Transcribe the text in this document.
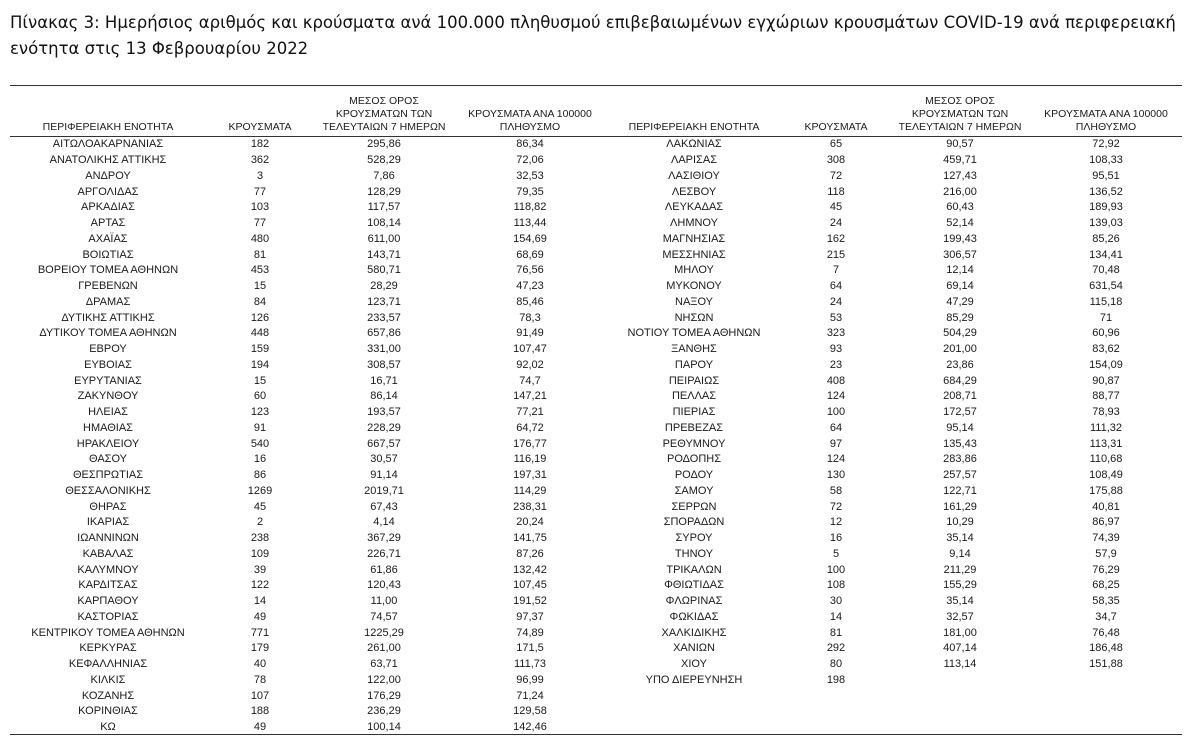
Πίνακας 3: Ημερήσιος αριθμός και κρούσματα ανά 100.000 πληθυσμού επιβεβαιωμένων εγχώριων κρουσμάτων COVID-19 ανά περιφερειακή ενότητα στις 13 Φεβρουαρίου 2022
ΠΕΡΙΦΕΡΕΙΑΚΗ ΕΝΟΤΗΤΑ	ΚΡΟΥΣΜΑΤΑ	ΜΕΣΟΣ ΟΡΟΣ ΚΡΟΥΣΜΑΤΩΝ ΤΩΝ ΤΕΛΕΥΤΑΙΩΝ 7 ΗΜΕΡΩΝ	ΚΡΟΥΣΜΑΤΑ ΑΝΑ 100000 ΠΛΗΘΥΣΜΟ
ΑΙΤΩΛΟΑΚΑΡΝΑΝΙΑΣ	182	295,86	86,34
ΑΝΑΤΟΛΙΚΗΣ ΑΤΤΙΚΗΣ	362	528,29	72,06
ΑΝΔΡΟΥ	3	7,86	32,53
ΑΡΓΟΛΙΔΑΣ	77	128,29	79,35
ΑΡΚΑΔΙΑΣ	103	117,57	118,82
ΑΡΤΑΣ	77	108,14	113,44
ΑΧΑΪΑΣ	480	611,00	154,69
ΒΟΙΩΤΙΑΣ	81	143,71	68,69
ΒΟΡΕΙΟΥ ΤΟΜΕΑ ΑΘΗΝΩΝ	453	580,71	76,56
ΓΡΕΒΕΝΩΝ	15	28,29	47,23
ΔΡΑΜΑΣ	84	123,71	85,46
ΔΥΤΙΚΗΣ ΑΤΤΙΚΗΣ	126	233,57	78,3
ΔΥΤΙΚΟΥ ΤΟΜΕΑ ΑΘΗΝΩΝ	448	657,86	91,49
ΕΒΡΟΥ	159	331,00	107,47
ΕΥΒΟΙΑΣ	194	308,57	92,02
ΕΥΡΥΤΑΝΙΑΣ	15	16,71	74,7
ΖΑΚΥΝΘΟΥ	60	86,14	147,21
ΗΛΕΙΑΣ	123	193,57	77,21
ΗΜΑΘΙΑΣ	91	228,29	64,72
ΗΡΑΚΛΕΙΟΥ	540	667,57	176,77
ΘΑΣΟΥ	16	30,57	116,19
ΘΕΣΠΡΩΤΙΑΣ	86	91,14	197,31
ΘΕΣΣΑΛΟΝΙΚΗΣ	1269	2019,71	114,29
ΘΗΡΑΣ	45	67,43	238,31
ΙΚΑΡΙΑΣ	2	4,14	20,24
ΙΩΑΝΝΙΝΩΝ	238	367,29	141,75
ΚΑΒΑΛΑΣ	109	226,71	87,26
ΚΑΛΥΜΝΟΥ	39	61,86	132,42
ΚΑΡΔΙΤΣΑΣ	122	120,43	107,45
ΚΑΡΠΑΘΟΥ	14	11,00	191,52
ΚΑΣΤΟΡΙΑΣ	49	74,57	97,37
ΚΕΝΤΡΙΚΟΥ ΤΟΜΕΑ ΑΘΗΝΩΝ	771	1225,29	74,89
ΚΕΡΚΥΡΑΣ	179	261,00	171,5
ΚΕΦΑΛΛΗΝΙΑΣ	40	63,71	111,73
ΚΙΛΚΙΣ	78	122,00	96,99
ΚΟΖΑΝΗΣ	107	176,29	71,24
ΚΟΡΙΝΘΙΑΣ	188	236,29	129,58
ΚΩ	49	100,14	142,46
ΠΕΡΙΦΕΡΕΙΑΚΗ ΕΝΟΤΗΤΑ	ΚΡΟΥΣΜΑΤΑ	ΜΕΣΟΣ ΟΡΟΣ ΚΡΟΥΣΜΑΤΩΝ ΤΩΝ ΤΕΛΕΥΤΑΙΩΝ 7 ΗΜΕΡΩΝ	ΚΡΟΥΣΜΑΤΑ ΑΝΑ 100000 ΠΛΗΘΥΣΜΟ
ΛΑΚΩΝΙΑΣ	65	90,57	72,92
ΛΑΡΙΣΑΣ	308	459,71	108,33
ΛΑΣΙΘΙΟΥ	72	127,43	95,51
ΛΕΣΒΟΥ	118	216,00	136,52
ΛΕΥΚΑΔΑΣ	45	60,43	189,93
ΛΗΜΝΟΥ	24	52,14	139,03
ΜΑΓΝΗΣΙΑΣ	162	199,43	85,26
ΜΕΣΣΗΝΙΑΣ	215	306,57	134,41
ΜΗΛΟΥ	7	12,14	70,48
ΜΥΚΟΝΟΥ	64	69,14	631,54
ΝΑΞΟΥ	24	47,29	115,18
ΝΗΣΩΝ	53	85,29	71
ΝΟΤΙΟΥ ΤΟΜΕΑ ΑΘΗΝΩΝ	323	504,29	60,96
ΞΑΝΘΗΣ	93	201,00	83,62
ΠΑΡΟΥ	23	23,86	154,09
ΠΕΙΡΑΙΩΣ	408	684,29	90,87
ΠΕΛΛΑΣ	124	208,71	88,77
ΠΙΕΡΙΑΣ	100	172,57	78,93
ΠΡΕΒΕΖΑΣ	64	95,14	111,32
ΡΕΘΥΜΝΟΥ	97	135,43	113,31
ΡΟΔΟΠΗΣ	124	283,86	110,68
ΡΟΔΟΥ	130	257,57	108,49
ΣΑΜΟΥ	58	122,71	175,88
ΣΕΡΡΩΝ	72	161,29	40,81
ΣΠΟΡΑΔΩΝ	12	10,29	86,97
ΣΥΡΟΥ	16	35,14	74,39
ΤΗΝΟΥ	5	9,14	57,9
ΤΡΙΚΑΛΩΝ	100	211,29	76,29
ΦΘΙΩΤΙΔΑΣ	108	155,29	68,25
ΦΛΩΡΙΝΑΣ	30	35,14	58,35
ΦΩΚΙΔΑΣ	14	32,57	34,7
ΧΑΛΚΙΔΙΚΗΣ	81	181,00	76,48
ΧΑΝΙΩΝ	292	407,14	186,48
ΧΙΟΥ	80	113,14	151,88
ΥΠΟ ΔΙΕΡΕΥΝΗΣΗ	198		
